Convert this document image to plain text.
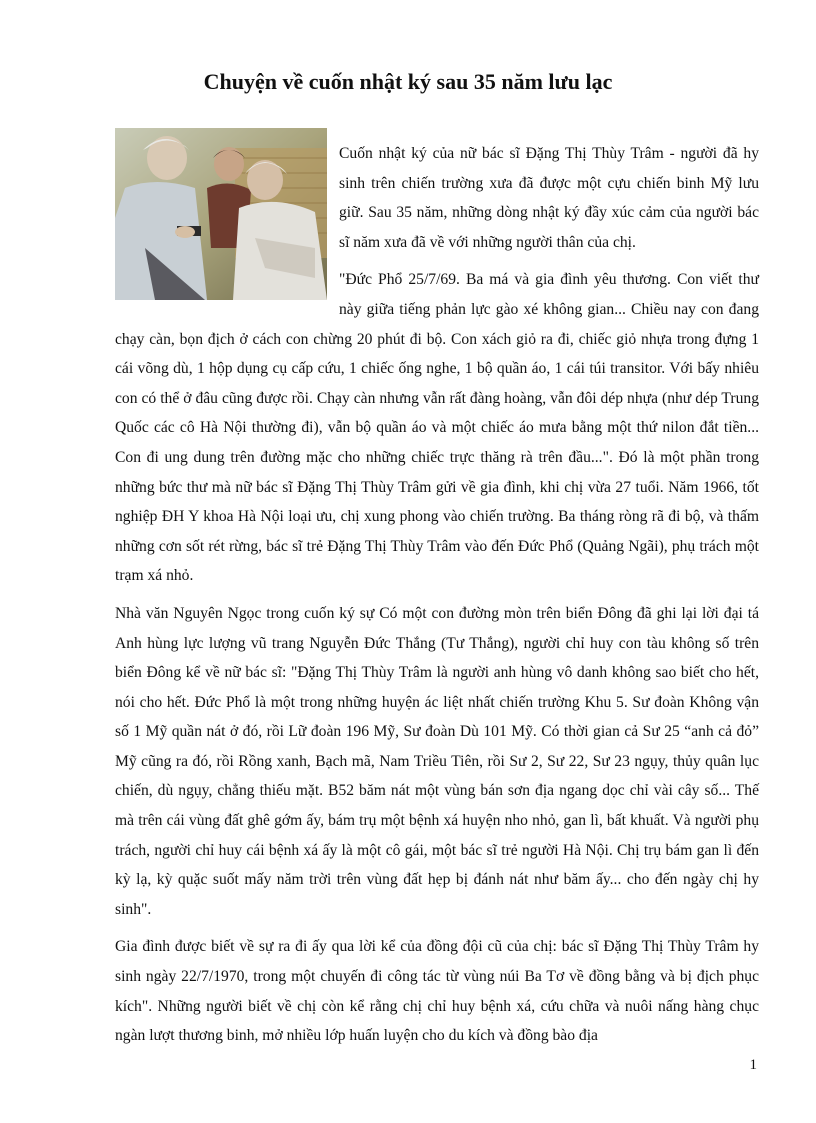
Chuyện về cuốn nhật ký sau 35 năm lưu lạc

Cuốn nhật ký của nữ bác sĩ Đặng Thị Thùy Trâm - người đã hy sinh trên chiến trường xưa đã được một cựu chiến binh Mỹ lưu giữ. Sau 35 năm, những dòng nhật ký đầy xúc cảm của người bác sĩ năm xưa đã về với những người thân của chị.

"Đức Phổ 25/7/69. Ba má và gia đình yêu thương. Con viết thư này giữa tiếng phản lực gào xé không gian... Chiều nay con đang chạy càn, bọn địch ở cách con chừng 20 phút đi bộ. Con xách giỏ ra đi, chiếc giỏ nhựa trong đựng 1 cái võng dù, 1 hộp dụng cụ cấp cứu, 1 chiếc ống nghe, 1 bộ quần áo, 1 cái túi transitor. Với bấy nhiêu con có thể ở đâu cũng được rồi. Chạy càn nhưng vẫn rất đàng hoàng, vẫn đôi dép nhựa (như dép Trung Quốc các cô Hà Nội thường đi), vẫn bộ quần áo và một chiếc áo mưa bằng một thứ nilon đắt tiền... Con đi ung dung trên đường mặc cho những chiếc trực thăng rà trên đầu...". Đó là một phần trong những bức thư mà nữ bác sĩ Đặng Thị Thùy Trâm gửi về gia đình, khi chị vừa 27 tuổi. Năm 1966, tốt nghiệp ĐH Y khoa Hà Nội loại ưu, chị xung phong vào chiến trường. Ba tháng ròng rã đi bộ, và thấm những cơn sốt rét rừng, bác sĩ trẻ Đặng Thị Thùy Trâm vào đến Đức Phổ (Quảng Ngãi), phụ trách một trạm xá nhỏ.

Nhà văn Nguyên Ngọc trong cuốn ký sự Có một con đường mòn trên biển Đông đã ghi lại lời đại tá Anh hùng lực lượng vũ trang Nguyễn Đức Thắng (Tư Thắng), người chỉ huy con tàu không số trên biển Đông kể về nữ bác sĩ: "Đặng Thị Thùy Trâm là người anh hùng vô danh không sao biết cho hết, nói cho hết. Đức Phổ là một trong những huyện ác liệt nhất chiến trường Khu 5. Sư đoàn Không vận số 1 Mỹ quần nát ở đó, rồi Lữ đoàn 196 Mỹ, Sư đoàn Dù 101 Mỹ. Có thời gian cả Sư 25 “anh cả đỏ” Mỹ cũng ra đó, rồi Rồng xanh, Bạch mã, Nam Triều Tiên, rồi Sư 2, Sư 22, Sư 23 ngụy, thủy quân lục chiến, dù ngụy, chẳng thiếu mặt. B52 băm nát một vùng bán sơn địa ngang dọc chỉ vài cây số... Thế mà trên cái vùng đất ghê gớm ấy, bám trụ một bệnh xá huyện nho nhỏ, gan lì, bất khuất. Và người phụ trách, người chỉ huy cái bệnh xá ấy là một cô gái, một bác sĩ trẻ người Hà Nội. Chị trụ bám gan lì đến kỳ lạ, kỳ quặc suốt mấy năm trời trên vùng đất hẹp bị đánh nát như băm ấy... cho đến ngày chị hy sinh".

Gia đình được biết về sự ra đi ấy qua lời kể của đồng đội cũ của chị: bác sĩ Đặng Thị Thùy Trâm hy sinh ngày 22/7/1970, trong một chuyến đi công tác từ vùng núi Ba Tơ về đồng bằng và bị địch phục kích". Những người biết về chị còn kể rằng chị chỉ huy bệnh xá, cứu chữa và nuôi nấng hàng chục ngàn lượt thương binh, mở nhiều lớp huấn luyện cho du kích và đồng bào địa

1
